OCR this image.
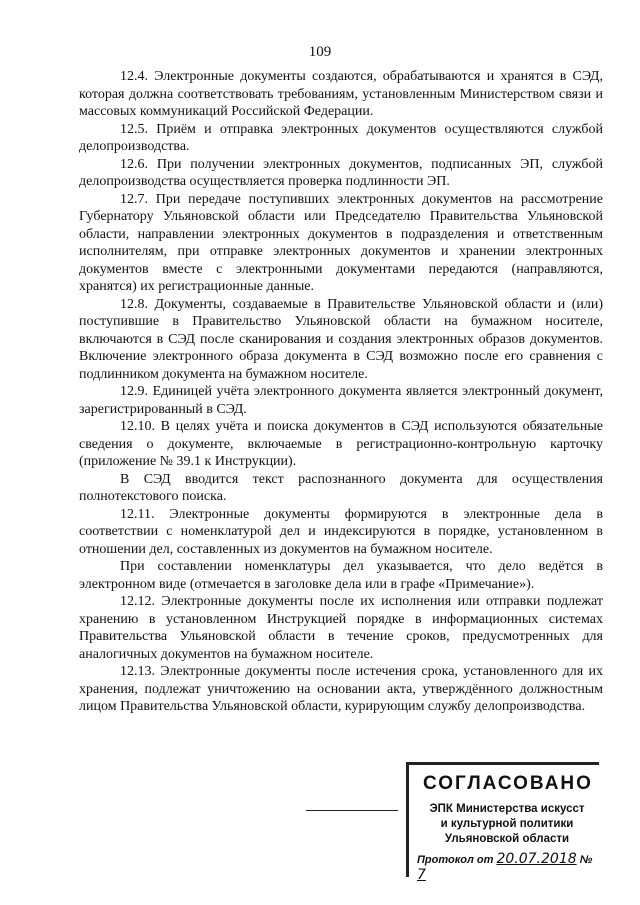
109

12.4. Электронные документы создаются, обрабатываются и хранятся в СЭД, которая должна соответствовать требованиям, установленным Министерством связи и массовых коммуникаций Российской Федерации.

12.5. Приём и отправка электронных документов осуществляются службой делопроизводства.

12.6. При получении электронных документов, подписанных ЭП, службой делопроизводства осуществляется проверка подлинности ЭП.

12.7. При передаче поступивших электронных документов на рассмотрение Губернатору Ульяновской области или Председателю Правительства Ульяновской области, направлении электронных документов в подразделения и ответственным исполнителям, при отправке электронных документов и хранении электронных документов вместе с электронными документами передаются (направляются, хранятся) их регистрационные данные.

12.8. Документы, создаваемые в Правительстве Ульяновской области и (или) поступившие в Правительство Ульяновской области на бумажном носителе, включаются в СЭД после сканирования и создания электронных образов документов. Включение электронного образа документа в СЭД возможно после его сравнения с подлинником документа на бумажном носителе.

12.9. Единицей учёта электронного документа является электронный документ, зарегистрированный в СЭД.

12.10. В целях учёта и поиска документов в СЭД используются обязательные сведения о документе, включаемые в регистрационно-контрольную карточку (приложение № 39.1 к Инструкции).

В СЭД вводится текст распознанного документа для осуществления полнотекстового поиска.

12.11. Электронные документы формируются в электронные дела в соответствии с номенклатурой дел и индексируются в порядке, установленном в отношении дел, составленных из документов на бумажном носителе.

При составлении номенклатуры дел указывается, что дело ведётся в электронном виде (отмечается в заголовке дела или в графе «Примечание»).

12.12. Электронные документы после их исполнения или отправки подлежат хранению в установленном Инструкцией порядке в информационных системах Правительства Ульяновской области в течение сроков, предусмотренных для аналогичных документов на бумажном носителе.

12.13. Электронные документы после истечения срока, установленного для их хранения, подлежат уничтожению на основании акта, утверждённого должностным лицом Правительства Ульяновской области, курирующим службу делопроизводства.

СОГЛАСОВАНО
ЭПК Министерства искусст
и культурной политики
Ульяновской области
Протокол от 20.07.2018 № 7
